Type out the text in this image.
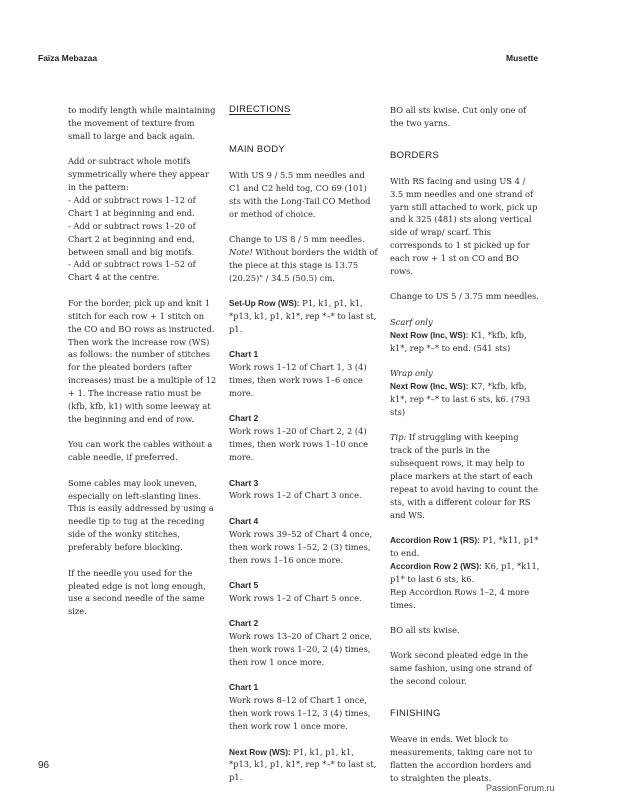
Faïza Mebazaa	Musette

to modify length while maintaining the movement of texture from small to large and back again.

Add or subtract whole motifs symmetrically where they appear in the pattern:
- Add or subtract rows 1–12 of Chart 1 at beginning and end.
- Add or subtract rows 1–20 of Chart 2 at beginning and end, between small and big motifs.
- Add or subtract rows 1–52 of Chart 4 at the centre.

For the border, pick up and knit 1 stitch for each row + 1 stitch on the CO and BO rows as instructed. Then work the increase row (WS) as follows: the number of stitches for the pleated borders (after increases) must be a multiple of 12 + 1. The increase ratio must be (kfb, kfb, k1) with some leeway at the beginning and end of row.

You can work the cables without a cable needle, if preferred.

Some cables may look uneven, especially on left-slanting lines. This is easily addressed by using a needle tip to tug at the receding side of the wonky stitches, preferably before blocking.

If the needle you used for the pleated edge is not long enough, use a second needle of the same size.

DIRECTIONS
MAIN BODY

With US 9 / 5.5 mm needles and C1 and C2 held tog, CO 69 (101) sts with the Long-Tail CO Method or method of choice.

Change to US 8 / 5 mm needles.
Note! Without borders the width of the piece at this stage is 13.75 (20.25)" / 34.5 (50.5) cm.

Set-Up Row (WS): P1, k1, p1, k1, *p13, k1, p1, k1*, rep *–* to last st, p1.

Chart 1
Work rows 1–12 of Chart 1, 3 (4) times, then work rows 1–6 once more.

Chart 2
Work rows 1–20 of Chart 2, 2 (4) times, then work rows 1–10 once more.

Chart 3
Work rows 1–2 of Chart 3 once.

Chart 4
Work rows 39–52 of Chart 4 once, then work rows 1–52, 2 (3) times, then rows 1–16 once more.

Chart 5
Work rows 1–2 of Chart 5 once.

Chart 2
Work rows 13–20 of Chart 2 once, then work rows 1–20, 2 (4) times, then row 1 once more.

Chart 1
Work rows 8–12 of Chart 1 once, then work rows 1–12, 3 (4) times, then work row 1 once more.

Next Row (WS): P1, k1, p1, k1, *p13, k1, p1, k1*, rep *–* to last st, p1.

BO all sts kwise. Cut only one of the two yarns.

BORDERS

With RS facing and using US 4 / 3.5 mm needles and one strand of yarn still attached to work, pick up and k 325 (481) sts along vertical side of wrap/ scarf. This corresponds to 1 st picked up for each row + 1 st on CO and BO rows.

Change to US 5 / 3.75 mm needles.

Scarf only
Next Row (Inc, WS): K1, *kfb, kfb, k1*, rep *–* to end. (541 sts)

Wrap only
Next Row (Inc, WS): K7, *kfb, kfb, k1*, rep *–* to last 6 sts, k6. (793 sts)

Tip: If struggling with keeping track of the purls in the subsequent rows, it may help to place markers at the start of each repeat to avoid having to count the sts, with a different colour for RS and WS.

Accordion Row 1 (RS): P1, *k11, p1* to end.
Accordion Row 2 (WS): K6, p1, *k11, p1* to last 6 sts, k6.
Rep Accordion Rows 1–2, 4 more times.

BO all sts kwise.

Work second pleated edge in the same fashion, using one strand of the second colour.

FINISHING

Weave in ends. Wet block to measurements, taking care not to flatten the accordion borders and to straighten the pleats.

96
PassionForum.ru
